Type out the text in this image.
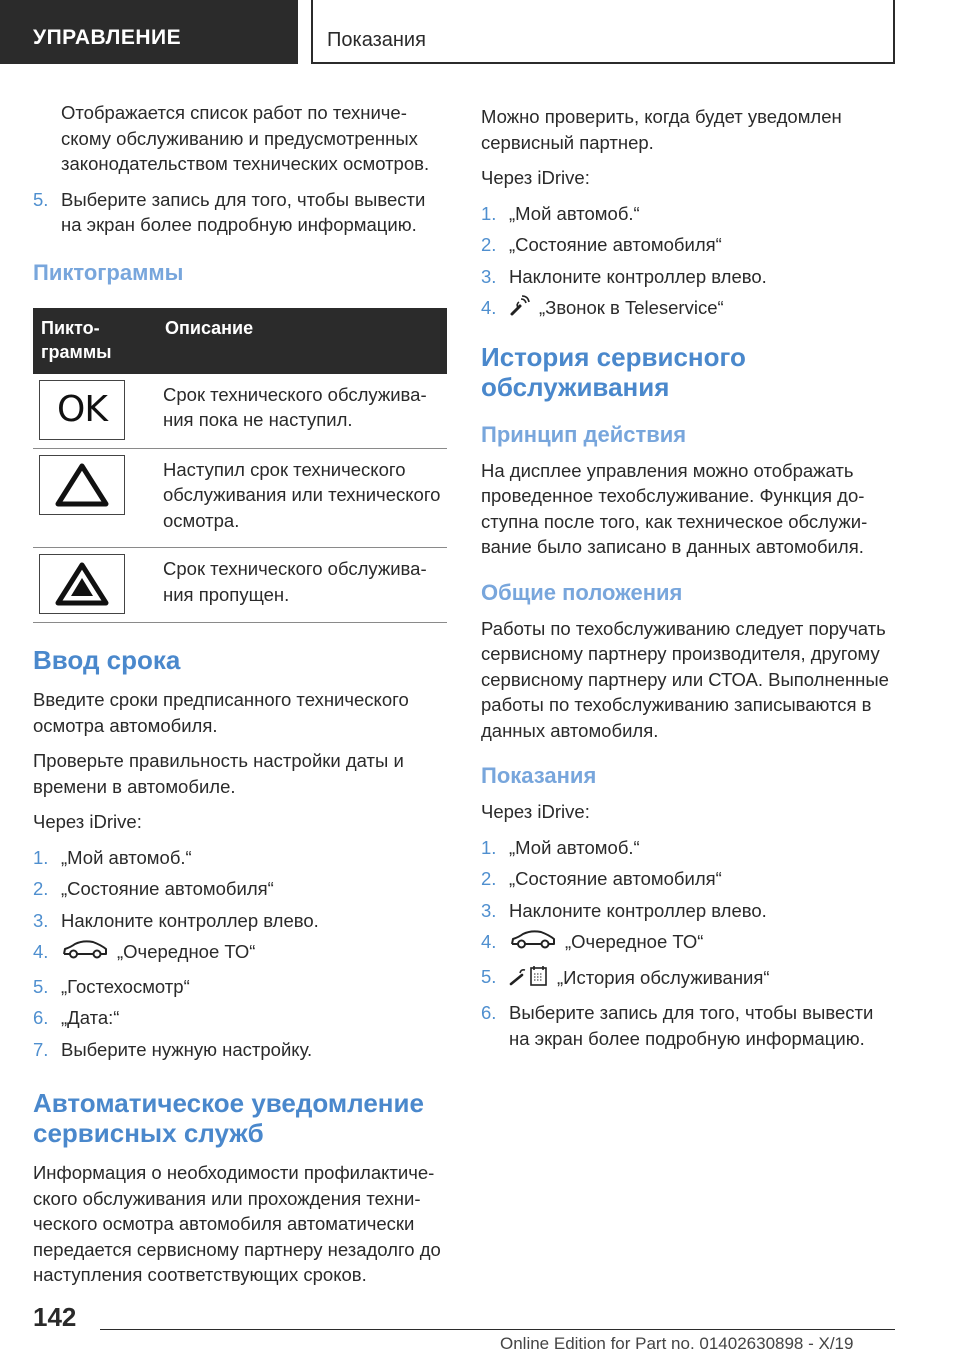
УПРАВЛЕНИЕ	Показания

Отображается список работ по техническому обслуживанию и предусмотренных законодательством технических осмотров.

5. Выберите запись для того, чтобы вывести на экран более подробную информацию.
Пиктограммы
Пиктограммы	Описание

OK	Срок технического обслуживания пока не наступил.

	Наступил срок технического обслуживания или технического осмотра.

	Срок технического обслуживания пропущен.
Ввод срока

Введите сроки предписанного технического осмотра автомобиля.

Проверьте правильность настройки даты и времени в автомобиле.

Через iDrive:

1. „Мой автомоб.“
2. „Состояние автомобиля“
3. Наклоните контроллер влево.
4.	„Очередное ТО“
5. „Гостехосмотр“
6. „Дата:“
7. Выберите нужную настройку.
Автоматическое уведомление сервисных служб

Информация о необходимости профилактического обслуживания или прохождения технического осмотра автомобиля автоматически передается сервисному партнеру незадолго до наступления соответствующих сроков.

Можно проверить, когда будет уведомлен сервисный партнер.

Через iDrive:

1. „Мой автомоб.“
2. „Состояние автомобиля“
3. Наклоните контроллер влево.
4. „Звонок в Teleservice“
История сервисного обслуживания
Принцип действия

На дисплее управления можно отображать проведенное техобслуживание. Функция доступна после того, как техническое обслуживание было записано в данных автомобиля.

Общие положения

Работы по техобслуживанию следует поручать сервисному партнеру производителя, другому сервисному партнеру или СТОА. Выполненные работы по техобслуживанию записываются в данных автомобиля.

Показания

Через iDrive:

1. „Мой автомоб.“
2. „Состояние автомобиля“
3. Наклоните контроллер влево.
4.	„Очередное ТО“
5.	„История обслуживания“
6. Выберите запись для того, чтобы вывести на экран более подробную информацию.
142
Online Edition for Part no. 01402630898 - X/19
